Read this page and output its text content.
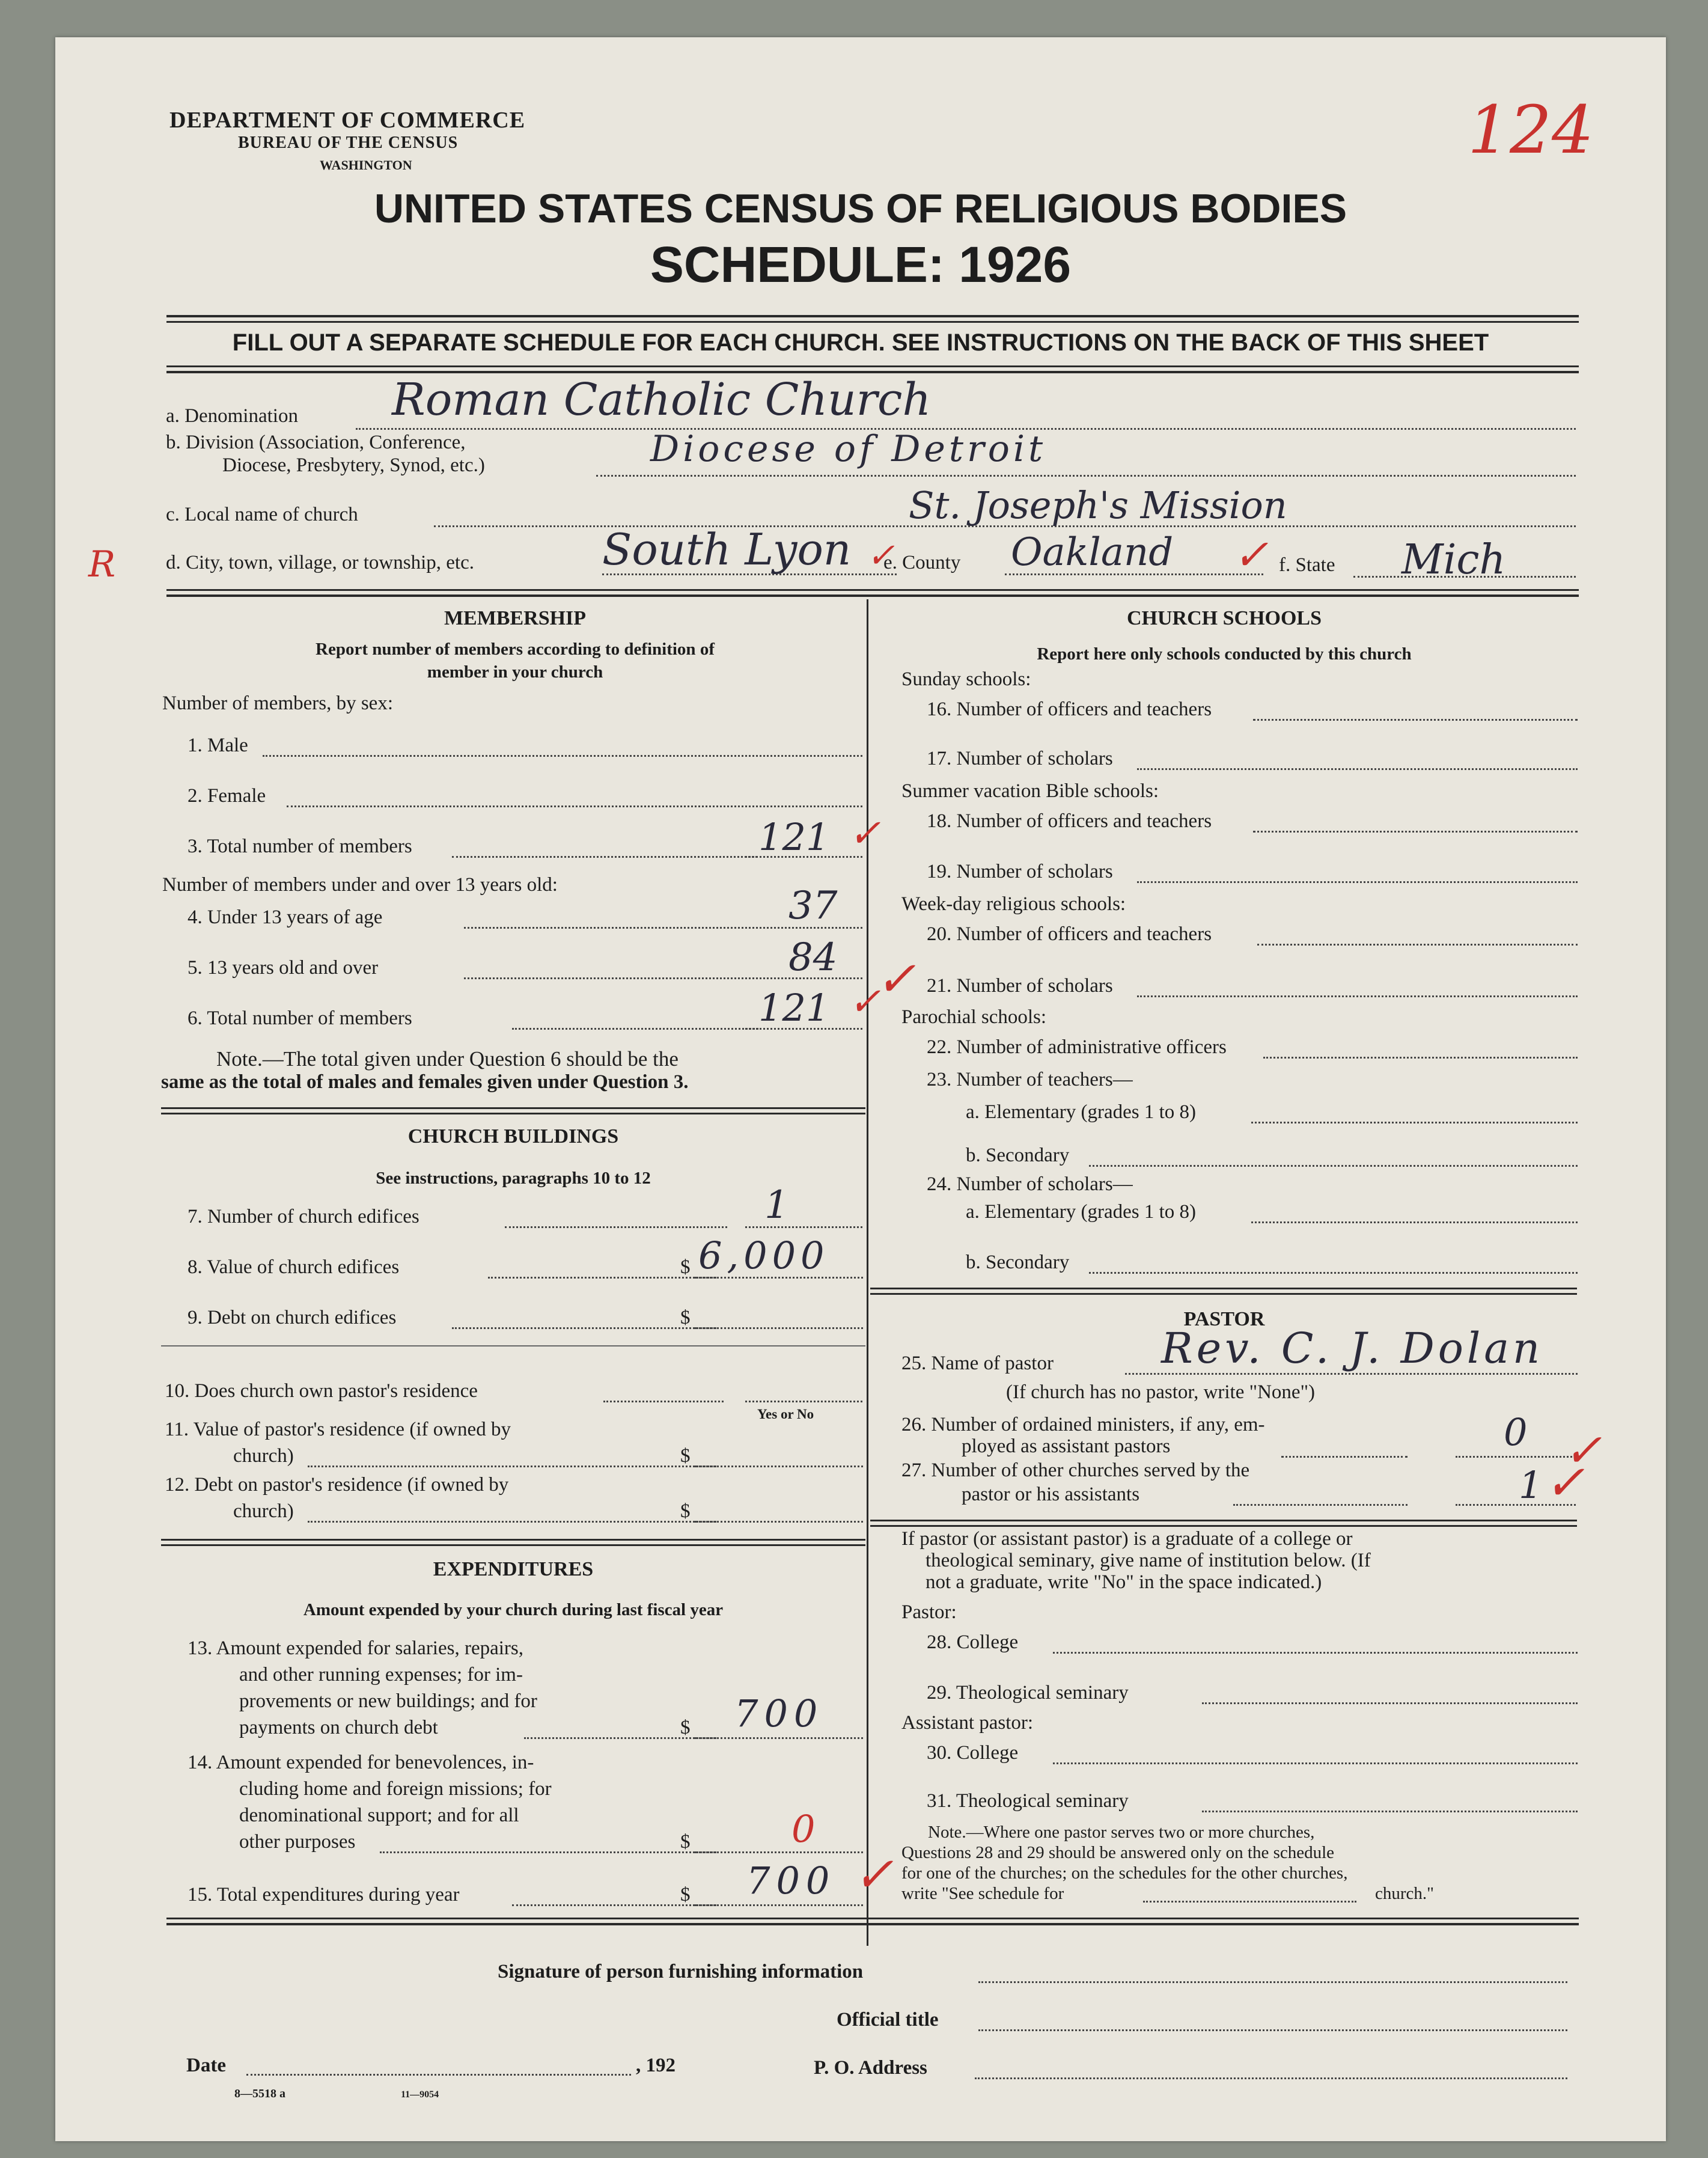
DEPARTMENT OF COMMERCE
BUREAU OF THE CENSUS
WASHINGTON	124
UNITED STATES CENSUS OF RELIGIOUS BODIES
SCHEDULE: 1926
FILL OUT A SEPARATE SCHEDULE FOR EACH CHURCH. SEE INSTRUCTIONS ON THE BACK OF THIS SHEET
a. Denomination Roman Catholic Church
b. Division (Association, Conference,
Diocese, Presbytery, Synod, etc.)	Diocese of Detroit
c. Local name of church	St. Joseph's Mission
R	d. City, town, village, or township, etc.	South Lyon ✓
e. County Oakland ✓ f. State Mich
MEMBERSHIP
Report number of members according to definition of
member in your church
Number of members, by sex:
1. Male
2. Female
3. Total number of members	121 ✓
Number of members under and over 13 years old:
4. Under 13 years of age	37
5. 13 years old and over	84 ✓
6. Total number of members	121 ✓
Note.—The total given under Question 6 should be the
same as the total of males and females given under Question 3.
CHURCH BUILDINGS
See instructions, paragraphs 10 to 12
7. Number of church edifices	1
8. Value of church edifices	$ 6,000
9. Debt on church edifices	$
10. Does church own pastor's residence
Yes or No
11. Value of pastor's residence (if owned by
church)	$
12. Debt on pastor's residence (if owned by
church)	$
EXPENDITURES
Amount expended by your church during last fiscal year
13. Amount expended for salaries, repairs,
and other running expenses; for im-
provements or new buildings; and for
payments on church debt	$ 700
14. Amount expended for benevolences, in-
cluding home and foreign missions; for
denominational support; and for all
other purposes	$	0
15. Total expenditures during year	$ 700 ✓
CHURCH SCHOOLS
Report here only schools conducted by this church
Sunday schools:
16. Number of officers and teachers
17. Number of scholars
Summer vacation Bible schools:
18. Number of officers and teachers
19. Number of scholars
Week-day religious schools:
20. Number of officers and teachers
21. Number of scholars
Parochial schools:
22. Number of administrative officers
23. Number of teachers—
a. Elementary (grades 1 to 8)
b. Secondary
24. Number of scholars—
a. Elementary (grades 1 to 8)
b. Secondary
PASTOR
25. Name of pastor	Rev. C. J. Dolan
(If church has no pastor, write "None")
26. Number of ordained ministers, if any, em-
ployed as assistant pastors	0 ✓
27. Number of other churches served by the
pastor or his assistants	1 ✓
If pastor (or assistant pastor) is a graduate of a college or
theological seminary, give name of institution below. (If
not a graduate, write "No" in the space indicated.)
Pastor:
28. College
29. Theological seminary
Assistant pastor:
30. College
31. Theological seminary
Note.—Where one pastor serves two or more churches,
Questions 28 and 29 should be answered only on the schedule
for one of the churches; on the schedules for the other churches,
write "See schedule for	church."
Signature of person furnishing information
Official title
Date	, 192	P. O. Address
8—5518 a	11—9054
